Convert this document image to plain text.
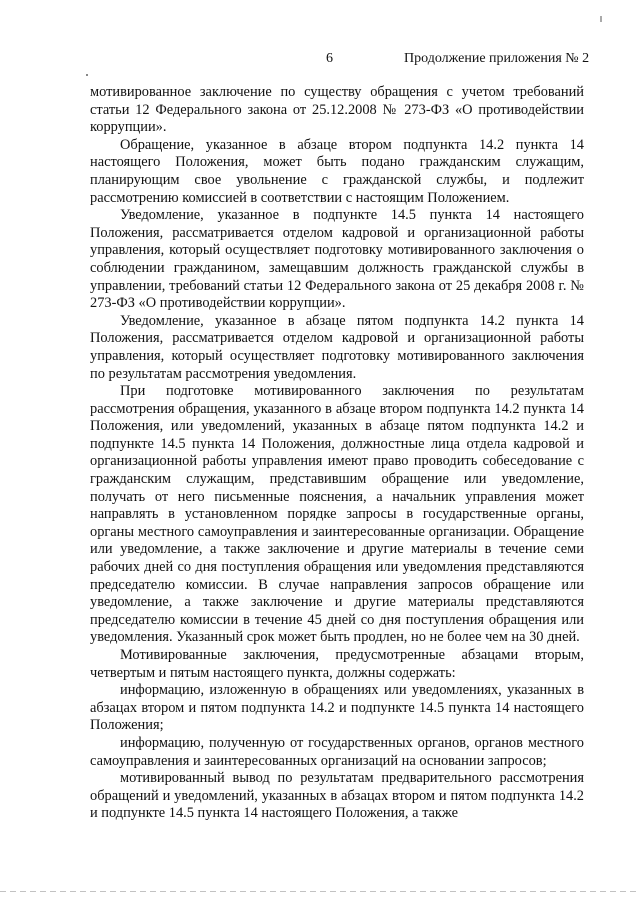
6	Продолжение приложения № 2

мотивированное заключение по существу обращения с учетом требований статьи 12 Федерального закона от 25.12.2008 № 273-ФЗ «О противодействии коррупции».

Обращение, указанное в абзаце втором подпункта 14.2 пункта 14 настоящего Положения, может быть подано гражданским служащим, планирующим свое увольнение с гражданской службы, и подлежит рассмотрению комиссией в соответствии с настоящим Положением.

Уведомление, указанное в подпункте 14.5 пункта 14 настоящего Положения, рассматривается отделом кадровой и организационной работы управления, который осуществляет подготовку мотивированного заключения о соблюдении гражданином, замещавшим должность гражданской службы в управлении, требований статьи 12 Федерального закона от 25 декабря 2008 г. № 273-ФЗ «О противодействии коррупции».

Уведомление, указанное в абзаце пятом подпункта 14.2 пункта 14 Положения, рассматривается отделом кадровой и организационной работы управления, который осуществляет подготовку мотивированного заключения по результатам рассмотрения уведомления.

При подготовке мотивированного заключения по результатам рассмотрения обращения, указанного в абзаце втором подпункта 14.2 пункта 14 Положения, или уведомлений, указанных в абзаце пятом подпункта 14.2 и подпункте 14.5 пункта 14 Положения, должностные лица отдела кадровой и организационной работы управления имеют право проводить собеседование с гражданским служащим, представившим обращение или уведомление, получать от него письменные пояснения, а начальник управления может направлять в установленном порядке запросы в государственные органы, органы местного самоуправления и заинтересованные организации. Обращение или уведомление, а также заключение и другие материалы в течение семи рабочих дней со дня поступления обращения или уведомления представляются председателю комиссии. В случае направления запросов обращение или уведомление, а также заключение и другие материалы представляются председателю комиссии в течение 45 дней со дня поступления обращения или уведомления. Указанный срок может быть продлен, но не более чем на 30 дней.

Мотивированные заключения, предусмотренные абзацами вторым, четвертым и пятым настоящего пункта, должны содержать:

информацию, изложенную в обращениях или уведомлениях, указанных в абзацах втором и пятом подпункта 14.2 и подпункте 14.5 пункта 14 настоящего Положения;

информацию, полученную от государственных органов, органов местного самоуправления и заинтересованных организаций на основании запросов;

мотивированный вывод по результатам предварительного рассмотрения обращений и уведомлений, указанных в абзацах втором и пятом подпункта 14.2 и подпункте 14.5 пункта 14 настоящего Положения, а также
